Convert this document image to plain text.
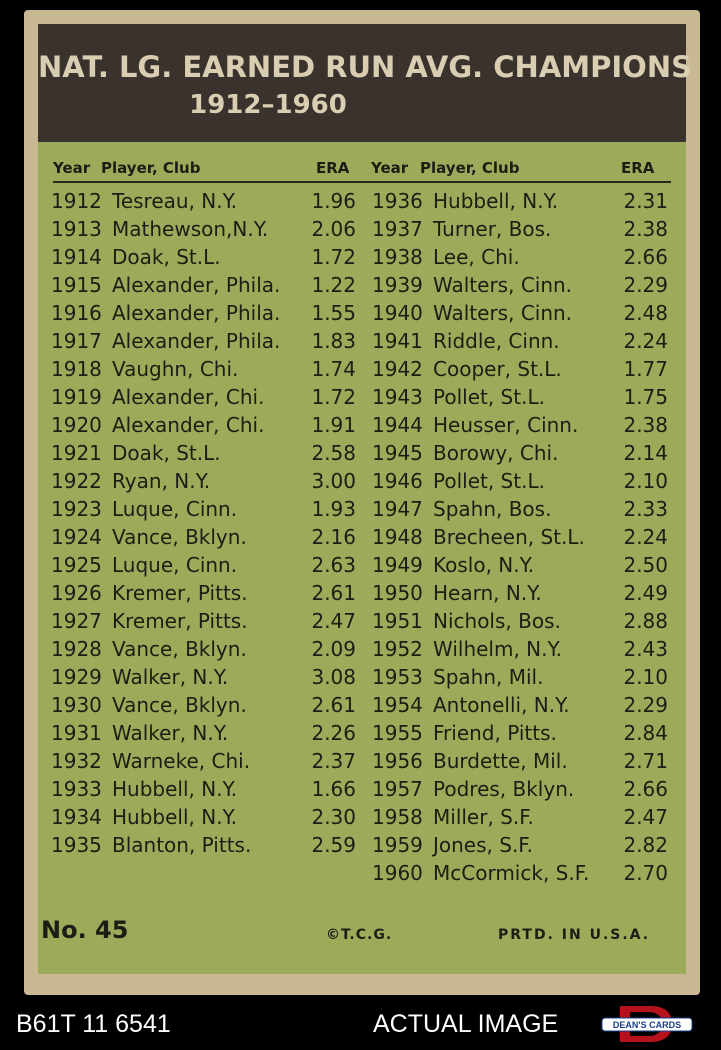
NAT. LG. EARNED RUN AVG. CHAMPIONS
1912–1960
Year Player, Club	ERA Year Player, Club	ERA
1912 Tesreau, N.Y.	1.96
1913 Mathewson,N.Y.	2.06
1914 Doak, St.L.	1.72
1915 Alexander, Phila.	1.22
1916 Alexander, Phila.	1.55
1917 Alexander, Phila.	1.83
1918 Vaughn, Chi.	1.74
1919 Alexander, Chi.	1.72
1920 Alexander, Chi.	1.91
1921 Doak, St.L.	2.58
1922 Ryan, N.Y.	3.00
1923 Luque, Cinn.	1.93
1924 Vance, Bklyn.	2.16
1925 Luque, Cinn.	2.63
1926 Kremer, Pitts.	2.61
1927 Kremer, Pitts.	2.47
1928 Vance, Bklyn.	2.09
1929 Walker, N.Y.	3.08
1930 Vance, Bklyn.	2.61
1931 Walker, N.Y.	2.26
1932 Warneke, Chi.	2.37
1933 Hubbell, N.Y.	1.66
1934 Hubbell, N.Y.	2.30
1935 Blanton, Pitts.	2.59
1936 Hubbell, N.Y.	2.31
1937 Turner, Bos.	2.38
1938 Lee, Chi.	2.66
1939 Walters, Cinn.	2.29
1940 Walters, Cinn.	2.48
1941 Riddle, Cinn.	2.24
1942 Cooper, St.L.	1.77
1943 Pollet, St.L.	1.75
1944 Heusser, Cinn.	2.38
1945 Borowy, Chi.	2.14
1946 Pollet, St.L.	2.10
1947 Spahn, Bos.	2.33
1948 Brecheen, St.L.	2.24
1949 Koslo, N.Y.	2.50
1950 Hearn, N.Y.	2.49
1951 Nichols, Bos.	2.88
1952 Wilhelm, N.Y.	2.43
1953 Spahn, Mil.	2.10
1954 Antonelli, N.Y.	2.29
1955 Friend, Pitts.	2.84
1956 Burdette, Mil.	2.71
1957 Podres, Bklyn.	2.66
1958 Miller, S.F.	2.47
1959 Jones, S.F.	2.82
1960 McCormick, S.F.	2.70
No. 45	©T.C.G.	PRTD. IN U.S.A.
B61T 11 6541	ACTUAL IMAGE	DEAN'S CARDS
